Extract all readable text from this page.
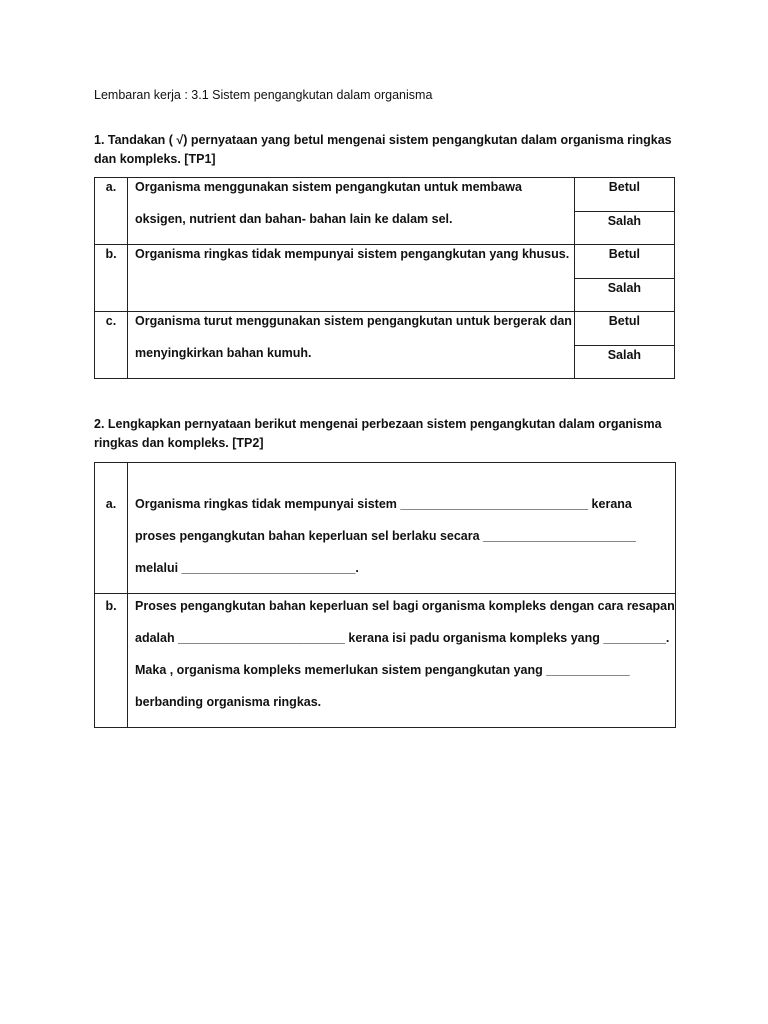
Lembaran kerja : 3.1 Sistem pengangkutan dalam organisma
1. Tandakan ( √) pernyataan yang betul mengenai sistem pengangkutan dalam organisma ringkas dan kompleks. [TP1]
a.	Organisma menggunakan sistem pengangkutan untuk membawa
oksigen, nutrient dan bahan- bahan lain ke dalam sel.	Betul
		Salah
b.	Organisma ringkas tidak mempunyai sistem pengangkutan yang khusus.	Betul
		Salah
c.	Organisma turut menggunakan sistem pengangkutan untuk bergerak dan
menyingkirkan bahan kumuh.	Betul
		Salah
2. Lengkapkan pernyataan berikut mengenai perbezaan sistem pengangkutan dalam organisma ringkas dan kompleks. [TP2]
a.	Organisma ringkas tidak mempunyai sistem ___________________________ kerana
proses pengangkutan bahan keperluan sel berlaku secara ______________________
melalui _________________________.

b.	Proses pengangkutan bahan keperluan sel bagi organisma kompleks dengan cara resapan
adalah ________________________ kerana isi padu organisma kompleks yang _________.
Maka , organisma kompleks memerlukan sistem pengangkutan yang ____________
berbanding organisma ringkas.
